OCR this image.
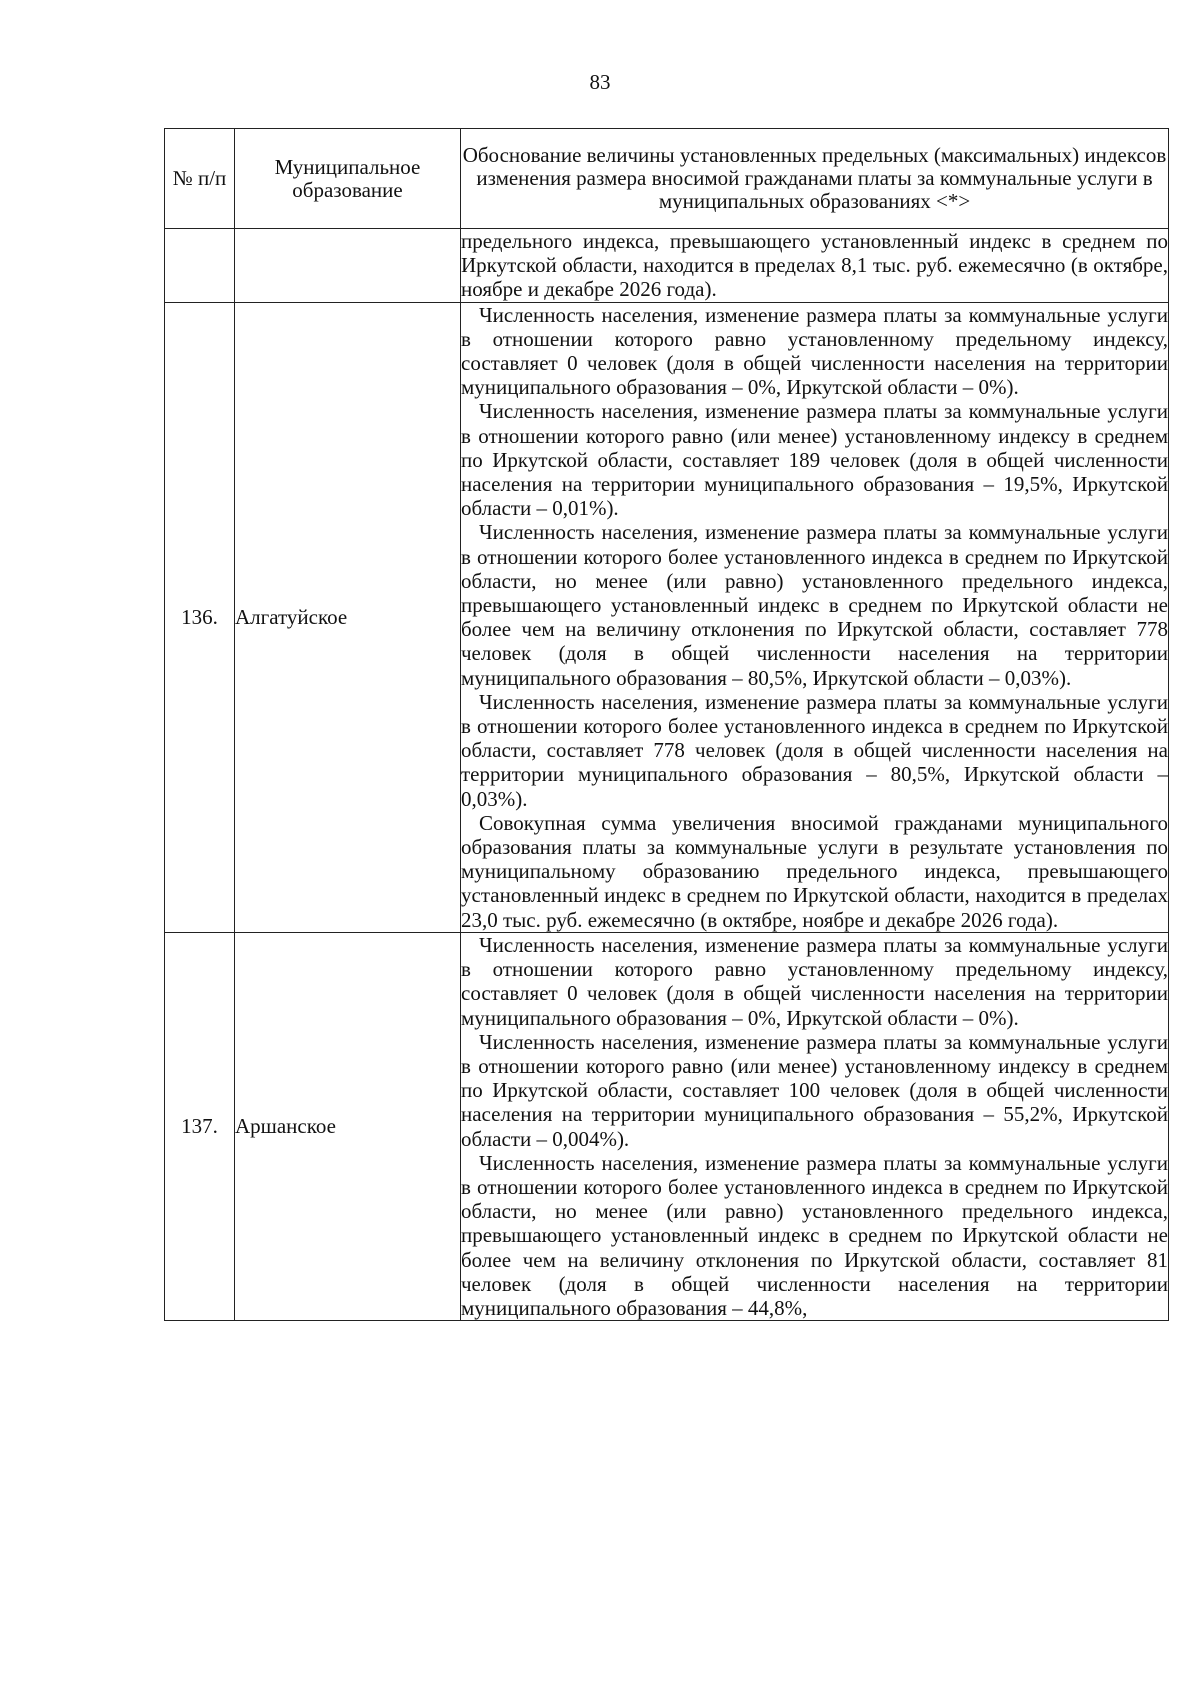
83
№ п/п	Муниципальное образование	Обоснование величины установленных предельных (максимальных) индексов изменения размера вносимой гражданами платы за коммунальные услуги в муниципальных образованиях <*>

		предельного индекса, превышающего установленный индекс в среднем по Иркутской области, находится в пределах 8,1 тыс. руб. ежемесячно (в октябре, ноябре и декабре 2026 года).

136.	Алгатуйское	Численность населения, изменение размера платы за коммунальные услуги в отношении которого равно установленному предельному индексу, составляет 0 человек (доля в общей численности населения на территории муниципального образования – 0%, Иркутской области – 0%).

Численность населения, изменение размера платы за коммунальные услуги в отношении которого равно (или менее) установленному индексу в среднем по Иркутской области, составляет 189 человек (доля в общей численности населения на территории муниципального образования – 19,5%, Иркутской области – 0,01%).

Численность населения, изменение размера платы за коммунальные услуги в отношении которого более установленного индекса в среднем по Иркутской области, но менее (или равно) установленного предельного индекса, превышающего установленный индекс в среднем по Иркутской области не более чем на величину отклонения по Иркутской области, составляет 778 человек (доля в общей численности населения на территории муниципального образования – 80,5%, Иркутской области – 0,03%).

Численность населения, изменение размера платы за коммунальные услуги в отношении которого более установленного индекса в среднем по Иркутской области, составляет 778 человек (доля в общей численности населения на территории муниципального образования – 80,5%, Иркутской области – 0,03%).

Совокупная сумма увеличения вносимой гражданами муниципального образования платы за коммунальные услуги в результате установления по муниципальному образованию предельного индекса, превышающего установленный индекс в среднем по Иркутской области, находится в пределах 23,0 тыс. руб. ежемесячно (в октябре, ноябре и декабре 2026 года).

137.	Аршанское	Численность населения, изменение размера платы за коммунальные услуги в отношении которого равно установленному предельному индексу, составляет 0 человек (доля в общей численности населения на территории муниципального образования – 0%, Иркутской области – 0%).

Численность населения, изменение размера платы за коммунальные услуги в отношении которого равно (или менее) установленному индексу в среднем по Иркутской области, составляет 100 человек (доля в общей численности населения на территории муниципального образования – 55,2%, Иркутской области – 0,004%).

Численность населения, изменение размера платы за коммунальные услуги в отношении которого более установленного индекса в среднем по Иркутской области, но менее (или равно) установленного предельного индекса, превышающего установленный индекс в среднем по Иркутской области не более чем на величину отклонения по Иркутской области, составляет 81 человек (доля в общей численности населения на территории муниципального образования – 44,8%,
